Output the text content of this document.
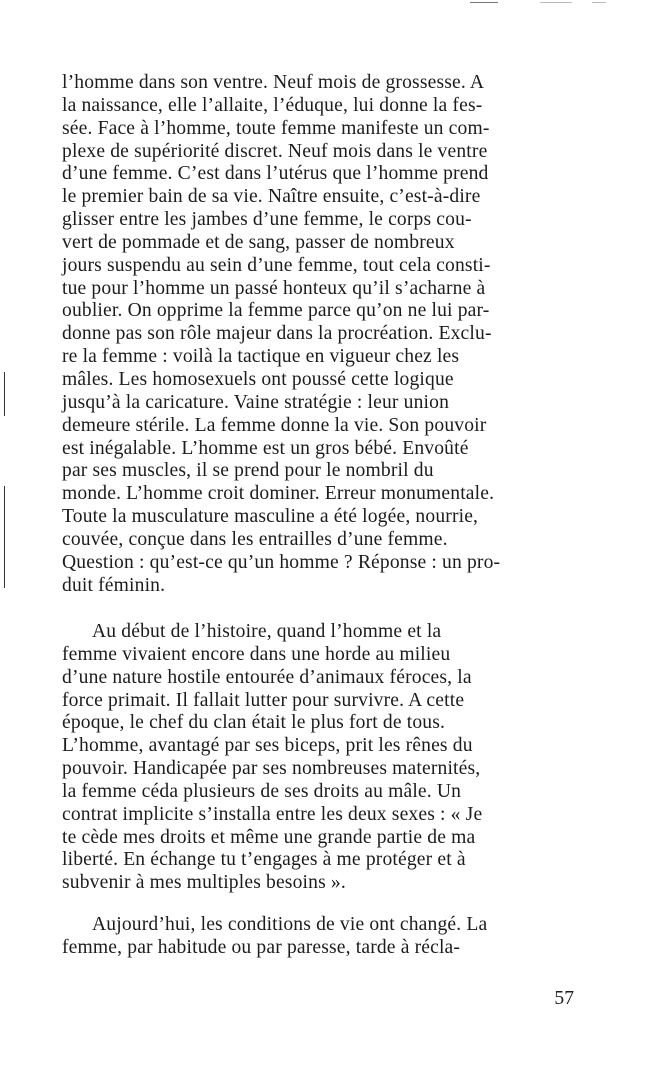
l’homme dans son ventre. Neuf mois de grossesse. A
la naissance, elle l’allaite, l’éduque, lui donne la fes-
sée. Face à l’homme, toute femme manifeste un com-
plexe de supériorité discret. Neuf mois dans le ventre
d’une femme. C’est dans l’utérus que l’homme prend
le premier bain de sa vie. Naître ensuite, c’est-à-dire
glisser entre les jambes d’une femme, le corps cou-
vert de pommade et de sang, passer de nombreux
jours suspendu au sein d’une femme, tout cela consti-
tue pour l’homme un passé honteux qu’il s’acharne à
oublier. On opprime la femme parce qu’on ne lui par-
donne pas son rôle majeur dans la procréation. Exclu-
re la femme : voilà la tactique en vigueur chez les
mâles. Les homosexuels ont poussé cette logique
jusqu’à la caricature. Vaine stratégie : leur union
demeure stérile. La femme donne la vie. Son pouvoir
est inégalable. L’homme est un gros bébé. Envoûté
par ses muscles, il se prend pour le nombril du
monde. L’homme croit dominer. Erreur monumentale.
Toute la musculature masculine a été logée, nourrie,
couvée, conçue dans les entrailles d’une femme.
Question : qu’est-ce qu’un homme ? Réponse : un pro-
duit féminin.
Au début de l’histoire, quand l’homme et la
femme vivaient encore dans une horde au milieu
d’une nature hostile entourée d’animaux féroces, la
force primait. Il fallait lutter pour survivre. A cette
époque, le chef du clan était le plus fort de tous.
L’homme, avantagé par ses biceps, prit les rênes du
pouvoir. Handicapée par ses nombreuses maternités,
la femme céda plusieurs de ses droits au mâle. Un
contrat implicite s’installa entre les deux sexes : « Je
te cède mes droits et même une grande partie de ma
liberté. En échange tu t’engages à me protéger et à
subvenir à mes multiples besoins ».
Aujourd’hui, les conditions de vie ont changé. La
femme, par habitude ou par paresse, tarde à récla-
57
